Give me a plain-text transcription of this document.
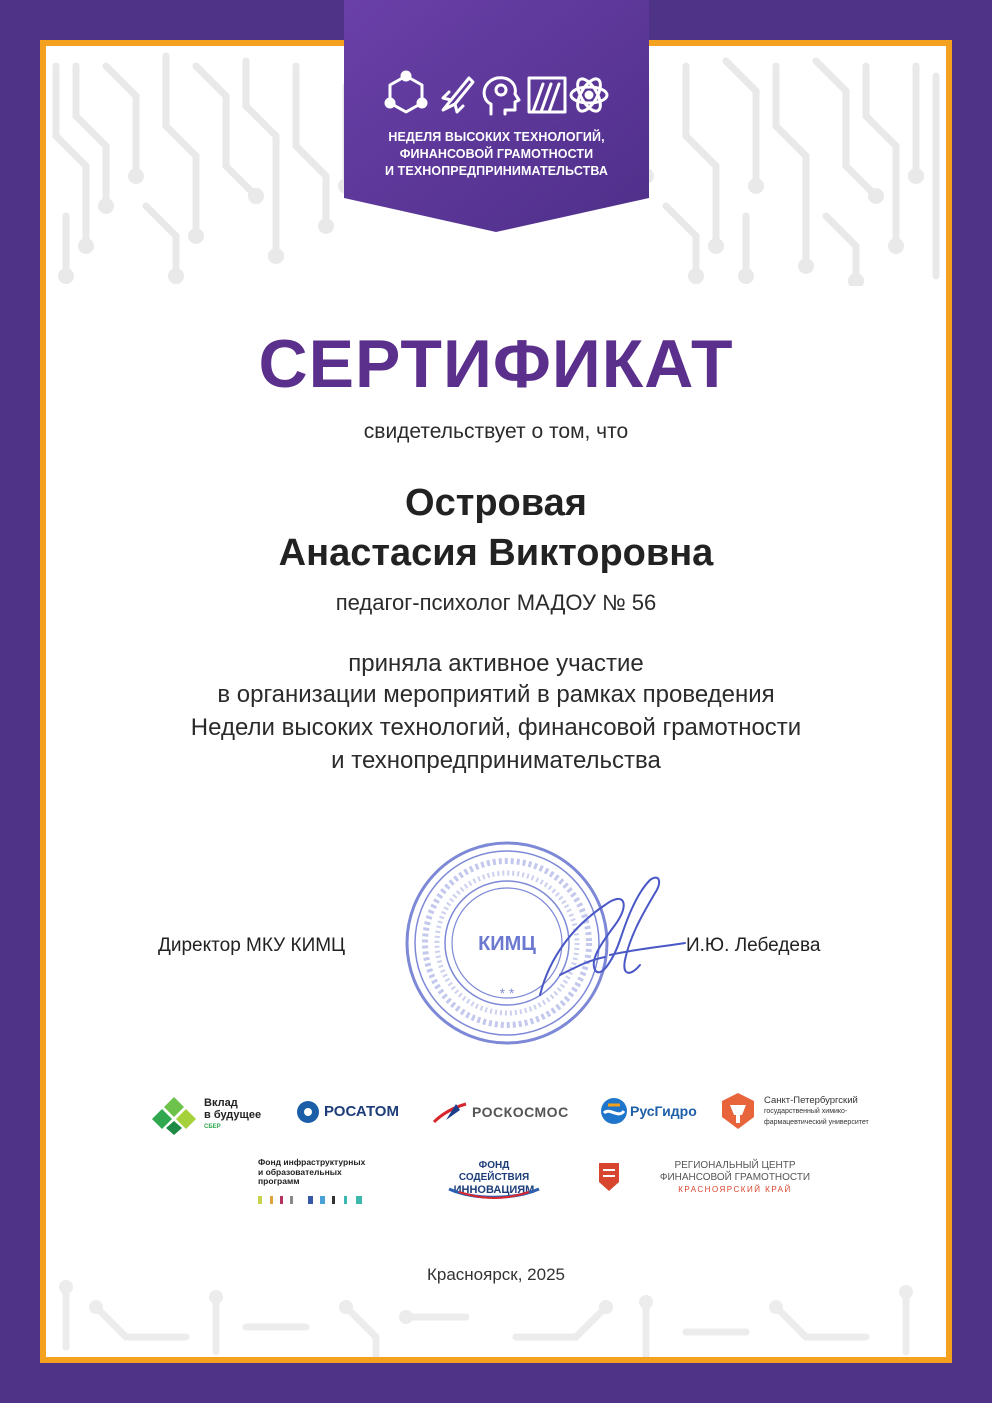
НЕДЕЛЯ ВЫСОКИХ ТЕХНОЛОГИЙ,
ФИНАНСОВОЙ ГРАМОТНОСТИ
И ТЕХНОПРЕДПРИНИМАТЕЛЬСТВА
СЕРТИФИКАТ
свидетельствует о том, что
Островая
Анастасия Викторовна
педагог-психолог МАДОУ № 56
приняла активное участие
в организации мероприятий в рамках проведения
Недели высоких технологий, финансовой грамотности
и технопредпринимательства
Директор МКУ КИМЦ	КИМЦ
* *
И.Ю. Лебедева
Вклад
в будущее
СБЕР
РОСАТОМ	РОСКОСМОС	РусГидро
Санкт-Петербургский
государственный химико-
фармацевтический университет
Фонд инфраструктурных
и образовательных
программ
ФОНД СОДЕЙСТВИЯ
ИННОВАЦИЯМ
РЕГИОНАЛЬНЫЙ ЦЕНТР
ФИНАНСОВОЙ ГРАМОТНОСТИ
КРАСНОЯРСКИЙ КРАЙ
Красноярск, 2025
